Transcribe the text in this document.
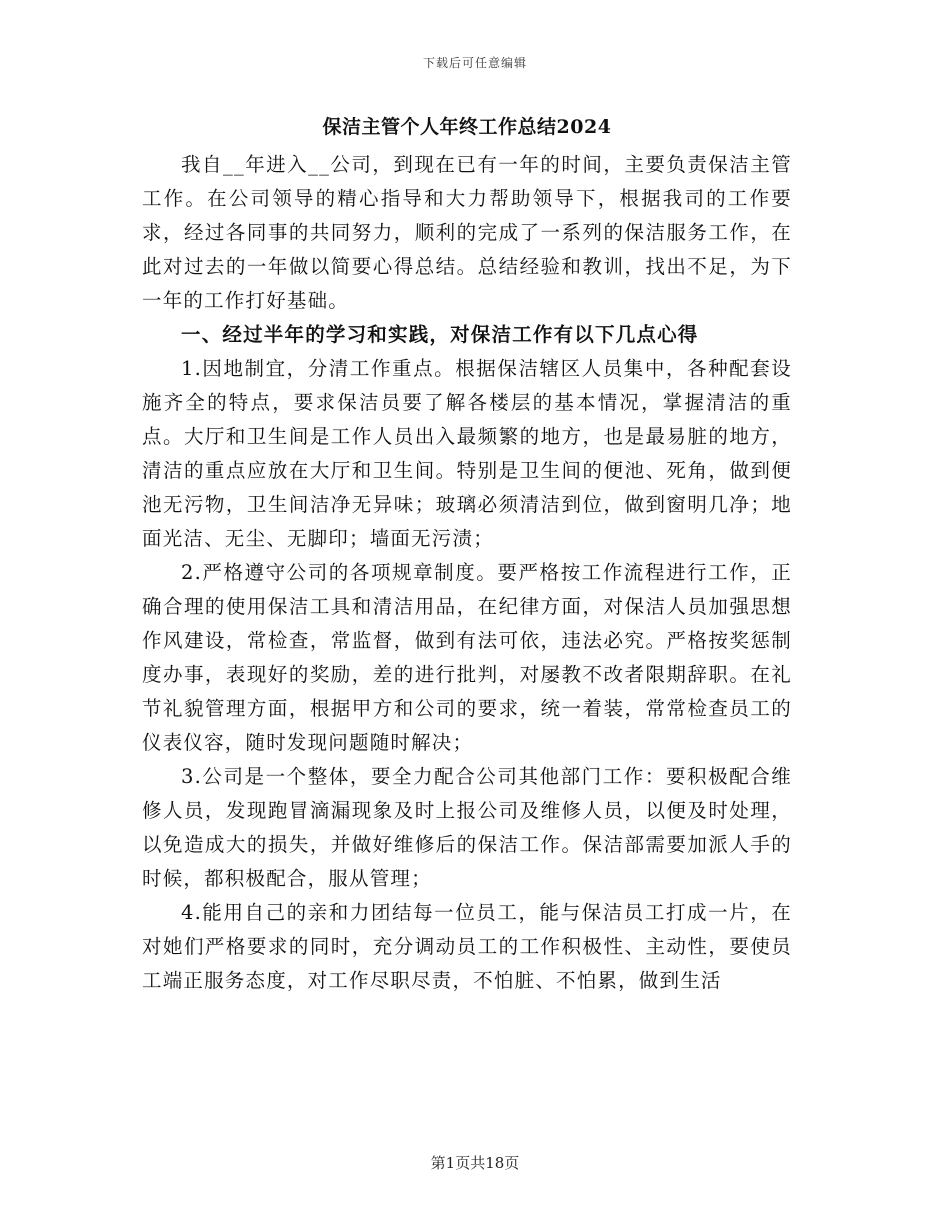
下载后可任意编辑
保洁主管个人年终工作总结2024

我自__年进入__公司，到现在已有一年的时间，主要负责保洁主管工作。在公司领导的精心指导和大力帮助领导下，根据我司的工作要求，经过各同事的共同努力，顺利的完成了一系列的保洁服务工作，在此对过去的一年做以简要心得总结。总结经验和教训，找出不足，为下一年的工作打好基础。

一、经过半年的学习和实践，对保洁工作有以下几点心得

1.因地制宜，分清工作重点。根据保洁辖区人员集中，各种配套设施齐全的特点，要求保洁员要了解各楼层的基本情况，掌握清洁的重点。大厅和卫生间是工作人员出入最频繁的地方，也是最易脏的地方，清洁的重点应放在大厅和卫生间。特别是卫生间的便池、死角，做到便池无污物，卫生间洁净无异味；玻璃必须清洁到位，做到窗明几净；地面光洁、无尘、无脚印；墙面无污渍；

2.严格遵守公司的各项规章制度。要严格按工作流程进行工作，正确合理的使用保洁工具和清洁用品，在纪律方面，对保洁人员加强思想作风建设，常检查，常监督，做到有法可依，违法必究。严格按奖惩制度办事，表现好的奖励，差的进行批判，对屡教不改者限期辞职。在礼节礼貌管理方面，根据甲方和公司的要求，统一着装，常常检查员工的仪表仪容，随时发现问题随时解决；

3.公司是一个整体，要全力配合公司其他部门工作：要积极配合维修人员，发现跑冒滴漏现象及时上报公司及维修人员，以便及时处理，以免造成大的损失，并做好维修后的保洁工作。保洁部需要加派人手的时候，都积极配合，服从管理；

4.能用自己的亲和力团结每一位员工，能与保洁员工打成一片，在对她们严格要求的同时，充分调动员工的工作积极性、主动性，要使员工端正服务态度，对工作尽职尽责，不怕脏、不怕累，做到生活

第1页共18页
